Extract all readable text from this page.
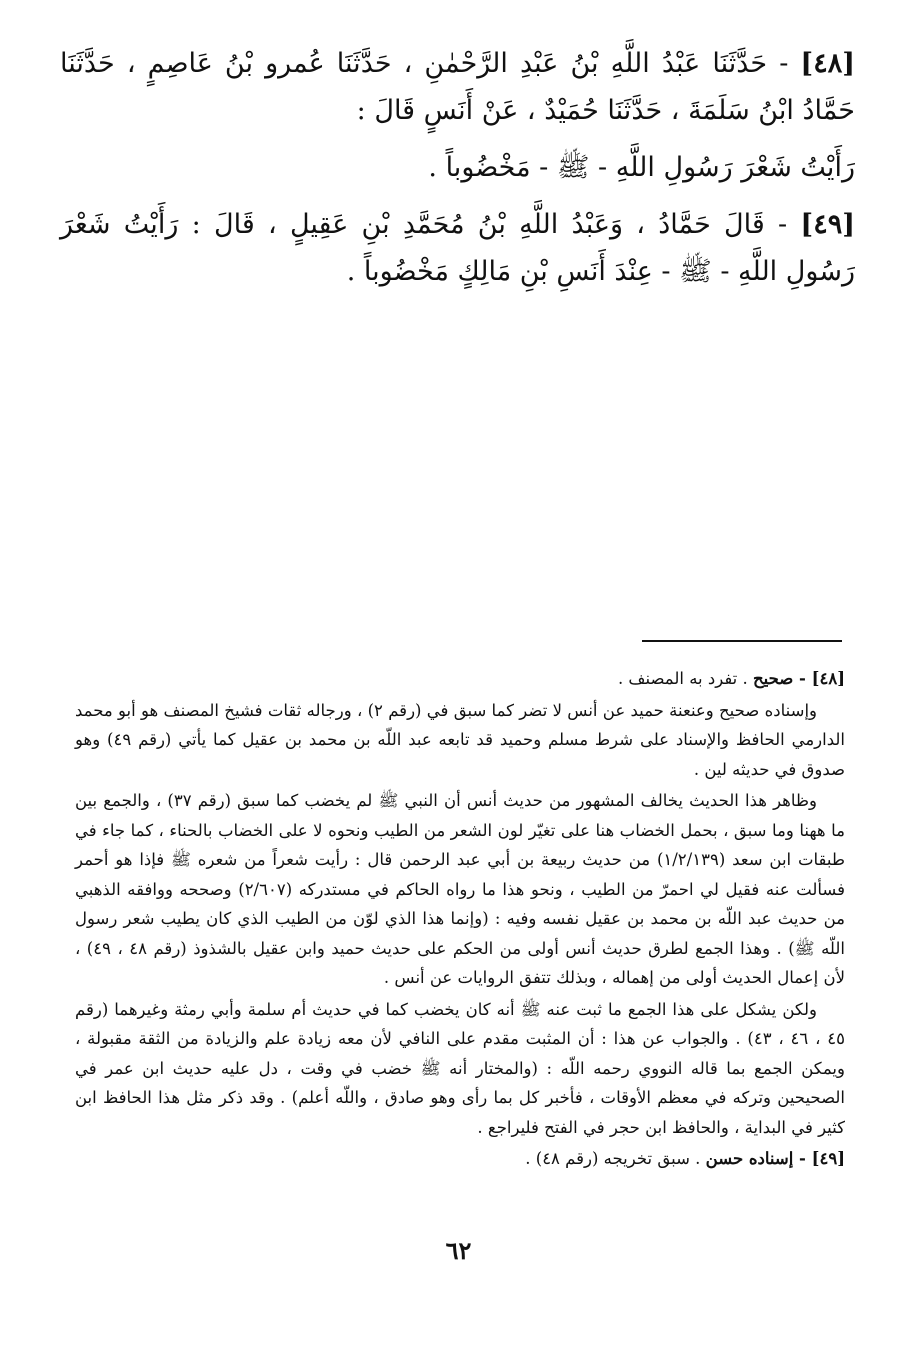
[٤٨] - حَدَّثَنَا عَبْدُ اللَّهِ بْنُ عَبْدِ الرَّحْمٰنِ ، حَدَّثَنَا عُمرو بْنُ عَاصِمٍ ، حَدَّثَنَا حَمَّادُ ابْنُ سَلَمَةَ ، حَدَّثَنَا حُمَيْدٌ ، عَنْ أَنَسٍ قَالَ :

رَأَيْتُ شَعْرَ رَسُولِ اللَّهِ - ﷺ - مَخْضُوباً .

[٤٩] - قَالَ حَمَّادُ ، وَعَبْدُ اللَّهِ بْنُ مُحَمَّدِ بْنِ عَقِيلٍ ، قَالَ : رَأَيْتُ شَعْرَ رَسُولِ اللَّهِ - ﷺ - عِنْدَ أَنَسِ بْنِ مَالِكٍ مَخْضُوباً .

[٤٨] - صحيح . تفرد به المصنف .

وإسناده صحيح وعنعنة حميد عن أنس لا تضر كما سبق في (رقم ٢) ، ورجاله ثقات فشيخ المصنف هو أبو محمد الدارمي الحافظ والإسناد على شرط مسلم وحميد قد تابعه عبد اللّه بن محمد بن عقيل كما يأتي (رقم ٤٩) وهو صدوق في حديثه لين .

وظاهر هذا الحديث يخالف المشهور من حديث أنس أن النبي ﷺ لم يخضب كما سبق (رقم ٣٧) ، والجمع بين ما ههنا وما سبق ، بحمل الخضاب هنا على تغيّر لون الشعر من الطيب ونحوه لا على الخضاب بالحناء ، كما جاء في طبقات ابن سعد (١/٢/١٣٩) من حديث ربيعة بن أبي عبد الرحمن قال : رأيت شعراً من شعره ﷺ فإذا هو أحمر فسألت عنه فقيل لي احمرّ من الطيب ، ونحو هذا ما رواه الحاكم في مستدركه (٢/٦٠٧) وصححه ووافقه الذهبي من حديث عبد اللّه بن محمد بن عقيل نفسه وفيه : (وإنما هذا الذي لوّن من الطيب الذي كان يطيب شعر رسول اللّه ﷺ) . وهذا الجمع لطرق حديث أنس أولى من الحكم على حديث حميد وابن عقيل بالشذوذ (رقم ٤٨ ، ٤٩) ، لأن إعمال الحديث أولى من إهماله ، وبذلك تتفق الروايات عن أنس .

ولكن يشكل على هذا الجمع ما ثبت عنه ﷺ أنه كان يخضب كما في حديث أم سلمة وأبي رمثة وغيرهما (رقم ٤٥ ، ٤٦ ، ٤٣) . والجواب عن هذا : أن المثبت مقدم على النافي لأن معه زيادة علم والزيادة من الثقة مقبولة ، ويمكن الجمع بما قاله النووي رحمه اللّه : (والمختار أنه ﷺ خضب في وقت ، دل عليه حديث ابن عمر في الصحيحين وتركه في معظم الأوقات ، فأخبر كل بما رأى وهو صادق ، واللّه أعلم) . وقد ذكر مثل هذا الحافظ ابن كثير في البداية ، والحافظ ابن حجر في الفتح فليراجع .

[٤٩] - إسناده حسن . سبق تخريجه (رقم ٤٨) .

٦٢
